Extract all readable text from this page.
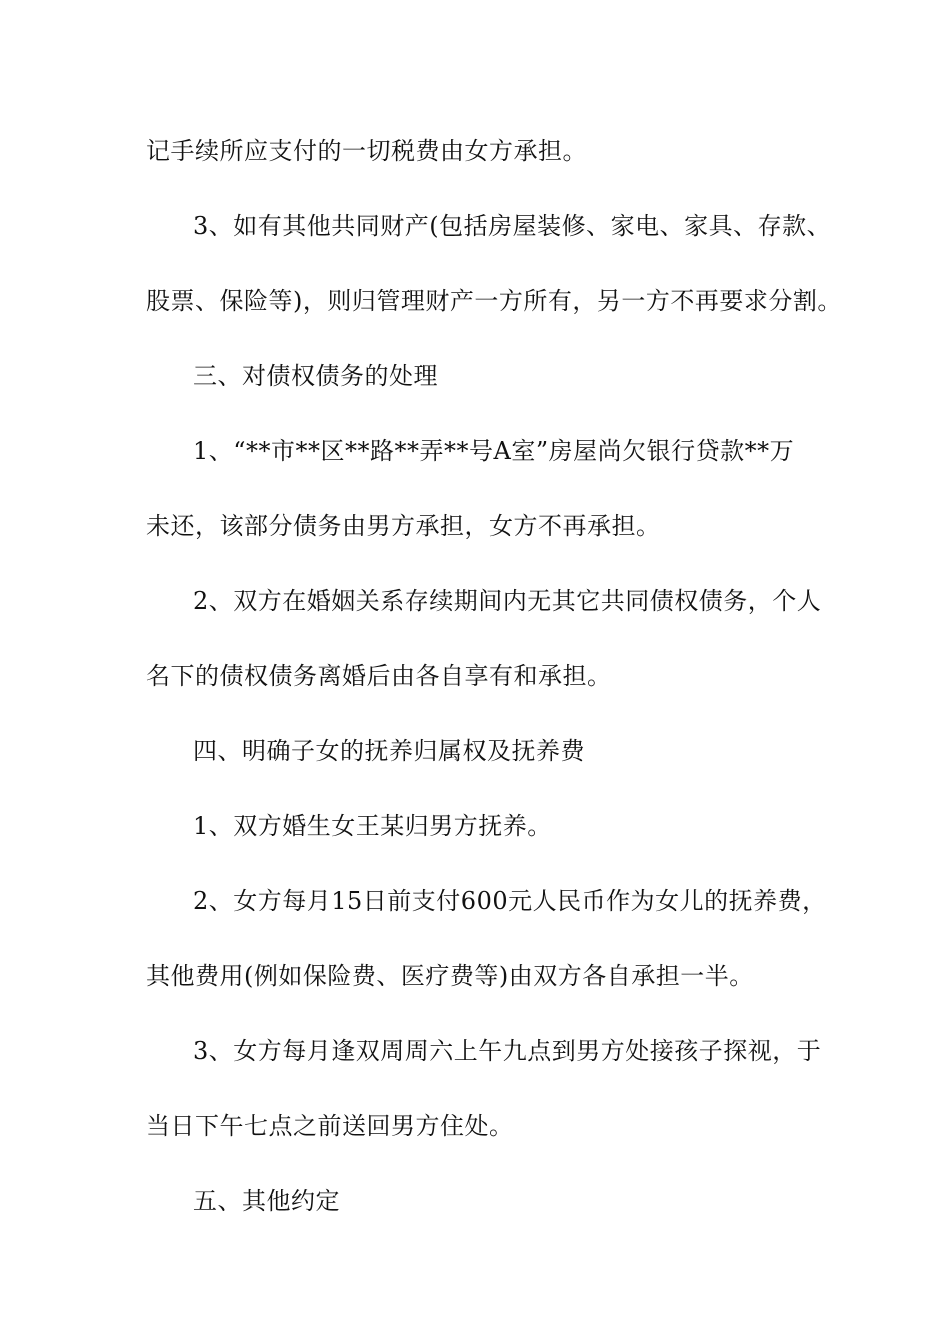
记手续所应支付的一切税费由女方承担。
3、如有其他共同财产(包括房屋装修、家电、家具、存款、
股票、保险等)，则归管理财产一方所有，另一方不再要求分割。
三、对债权债务的处理
1、“**市**区**路**弄**号A室”房屋尚欠银行贷款**万
未还，该部分债务由男方承担，女方不再承担。
2、双方在婚姻关系存续期间内无其它共同债权债务，个人
名下的债权债务离婚后由各自享有和承担。
四、明确子女的抚养归属权及抚养费
1、双方婚生女王某归男方抚养。
2、女方每月15日前支付600元人民币作为女儿的抚养费，
其他费用(例如保险费、医疗费等)由双方各自承担一半。
3、女方每月逢双周周六上午九点到男方处接孩子探视，于
当日下午七点之前送回男方住处。
五、其他约定
